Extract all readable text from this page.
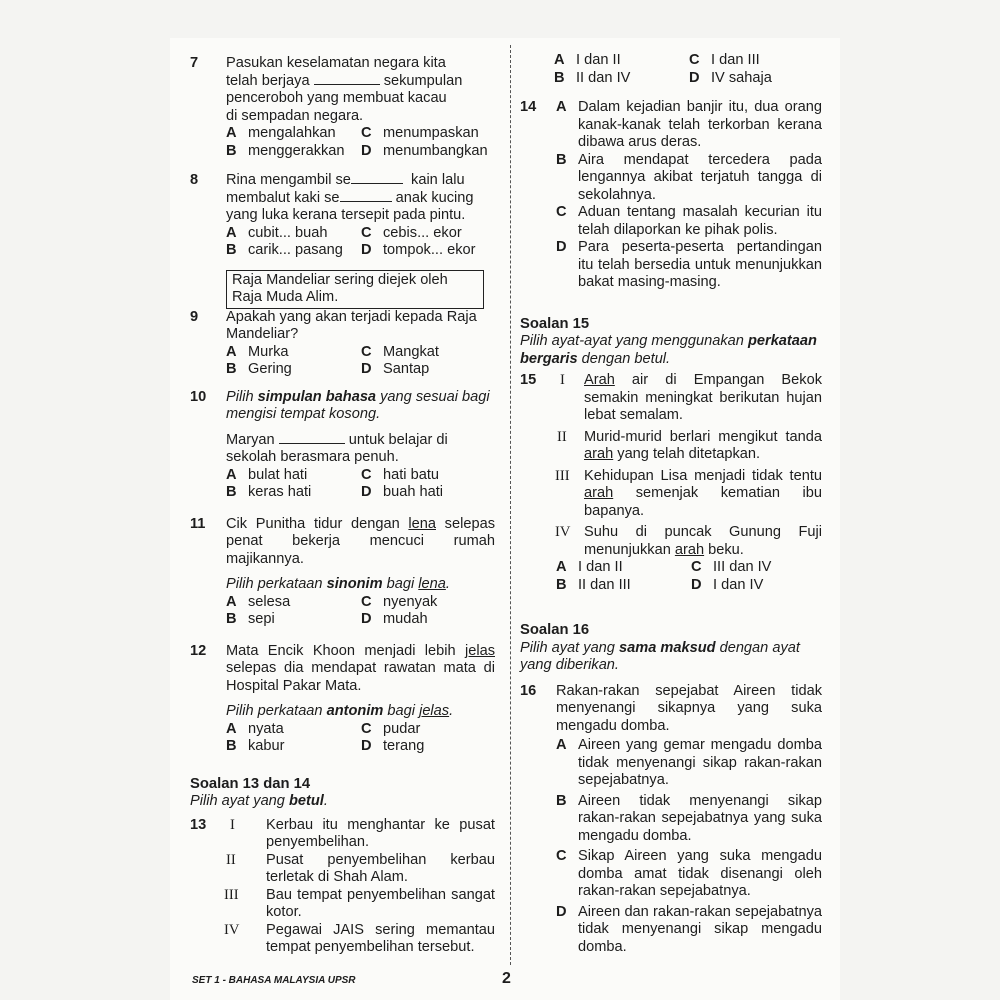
7 Pasukan keselamatan negara kita
telah berjaya	sekumpulan
penceroboh yang membuat kacau
di sempadan negara.
A mengalahkan	C menumpaskan
B menggerakkan	D menumbangkan
8 Rina mengambil se	kain lalu
membalut kaki se	anak kucing
yang luka kerana tersepit pada pintu.
A cubit... buah	C cebis... ekor
B carik... pasang	D tompok... ekor
Raja Mandeliar sering diejek oleh Raja Muda Alim.
9 Apakah yang akan terjadi kepada Raja Mandeliar?
A Murka	C Mangkat
B Gering	D Santap
10 Pilih simpulan bahasa yang sesuai bagi mengisi tempat kosong.
Maryan	untuk belajar di
sekolah berasmara penuh.
A bulat hati	C hati batu
B keras hati	D buah hati
11 Cik Punitha tidur dengan lena selepas penat bekerja mencuci rumah majikannya.
Pilih perkataan sinonim bagi lena.
A selesa	C nyenyak
B sepi	D mudah
12 Mata Encik Khoon menjadi lebih jelas selepas dia mendapat rawatan mata di Hospital Pakar Mata.
Pilih perkataan antonim bagi jelas.
A nyata	C pudar
B kabur	D terang
Soalan 13 dan 14
Pilih ayat yang betul.
13 I Kerbau itu menghantar ke pusat penyembelihan.
II Pusat penyembelihan kerbau terletak di Shah Alam.
III Bau tempat penyembelihan sangat kotor.
IV Pegawai JAIS sering memantau tempat penyembelihan tersebut.
A I dan II	C I dan III
B II dan IV	D IV sahaja
14 A Dalam kejadian banjir itu, dua orang kanak-kanak telah terkorban kerana dibawa arus deras.
B Aira mendapat tercedera pada lengannya akibat terjatuh tangga di sekolahnya.
C Aduan tentang masalah kecurian itu telah dilaporkan ke pihak polis.
D Para peserta-peserta pertandingan itu telah bersedia untuk menunjukkan bakat masing-masing.
Soalan 15
Pilih ayat-ayat yang menggunakan perkataan bergaris dengan betul.
15 I Arah air di Empangan Bekok semakin meningkat berikutan hujan lebat semalam.
II Murid-murid berlari mengikut tanda arah yang telah ditetapkan.
III Kehidupan Lisa menjadi tidak tentu arah semenjak kematian ibu bapanya.
IV Suhu di puncak Gunung Fuji menunjukkan arah beku.
A I dan II	C III dan IV
B II dan III	D I dan IV
Soalan 16
Pilih ayat yang sama maksud dengan ayat yang diberikan.
16 Rakan-rakan sepejabat Aireen tidak menyenangi sikapnya yang suka mengadu domba.
A Aireen yang gemar mengadu domba tidak menyenangi sikap rakan-rakan sepejabatnya.
B Aireen tidak menyenangi sikap rakan-rakan sepejabatnya yang suka mengadu domba.
C Sikap Aireen yang suka mengadu domba amat tidak disenangi oleh rakan-rakan sepejabatnya.
D Aireen dan rakan-rakan sepejabatnya tidak menyenangi sikap mengadu domba.
SET 1 - BAHASA MALAYSIA UPSR	2
